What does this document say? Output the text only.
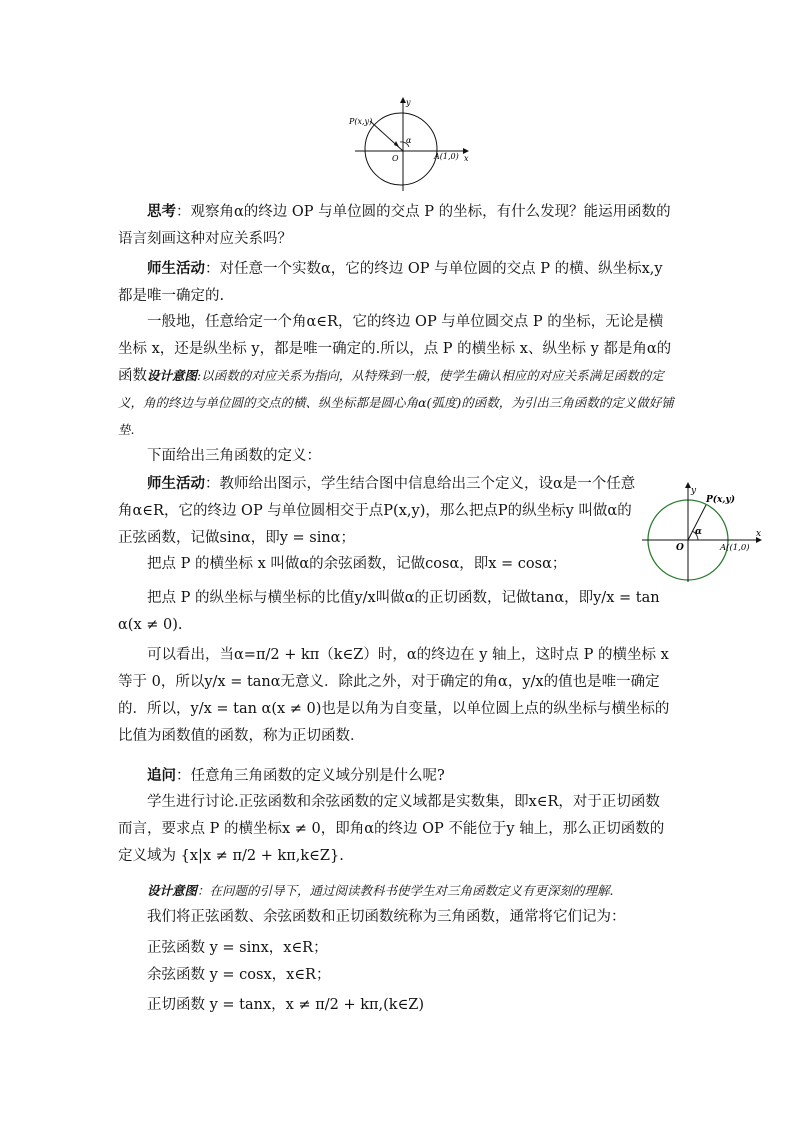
P(x,y)
y
x
O	A(1,0)
α
思考：观察角α的终边 OP 与单位圆的交点 P 的坐标，有什么发现？能运用函数的语言刻画这种对应关系吗？
师生活动：对任意一个实数α，它的终边 OP 与单位圆的交点 P 的横、纵坐标x,y都是唯一确定的.
一般地，任意给定一个角α∈R，它的终边 OP 与单位圆交点 P 的坐标，无论是横坐标 x，还是纵坐标 y，都是唯一确定的.所以，点 P 的横坐标 x、纵坐标 y 都是角α的函数.
设计意图:以函数的对应关系为指向，从特殊到一般，使学生确认相应的对应关系满足函数的定义，角的终边与单位圆的交点的横、纵坐标都是圆心角α(弧度)的函数，为引出三角函数的定义做好铺垫.
下面给出三角函数的定义：
师生活动：教师给出图示，学生结合图中信息给出三个定义，设α是一个任意角α∈R，它的终边 OP 与单位圆相交于点P(x,y)，那么把点P的纵坐标y 叫做α的正弦函数，记做sinα，即y = sinα；
P(x,y)
y
x
O	A((1,0)
α
把点 P 的横坐标 x 叫做α的余弦函数，记做cosα，即x = cosα；
把点 P 的纵坐标与横坐标的比值y/x叫做α的正切函数，记做tanα，即y/x = tan α(x ≠ 0).
可以看出，当α=π/2 + kπ（k∈Z）时，α的终边在 y 轴上，这时点 P 的横坐标 x 等于 0，所以y/x = tanα无意义．除此之外，对于确定的角α，y/x的值也是唯一确定的．所以，y/x = tan α(x ≠ 0)也是以角为自变量，以单位圆上点的纵坐标与横坐标的比值为函数值的函数，称为正切函数．
追问：任意角三角函数的定义域分别是什么呢?
学生进行讨论.正弦函数和余弦函数的定义域都是实数集，即x∈R，对于正切函数而言，要求点 P 的横坐标x ≠ 0，即角α的终边 OP 不能位于y 轴上，那么正切函数的定义域为 {x|x ≠ π/2 + kπ,k∈Z}.
设计意图：在问题的引导下，通过阅读教科书使学生对三角函数定义有更深刻的理解.
我们将正弦函数、余弦函数和正切函数统称为三角函数，通常将它们记为：
正弦函数 y = sinx，x∈R；
余弦函数 y = cosx，x∈R；
正切函数 y = tanx，x ≠ π/2 + kπ,(k∈Z)
